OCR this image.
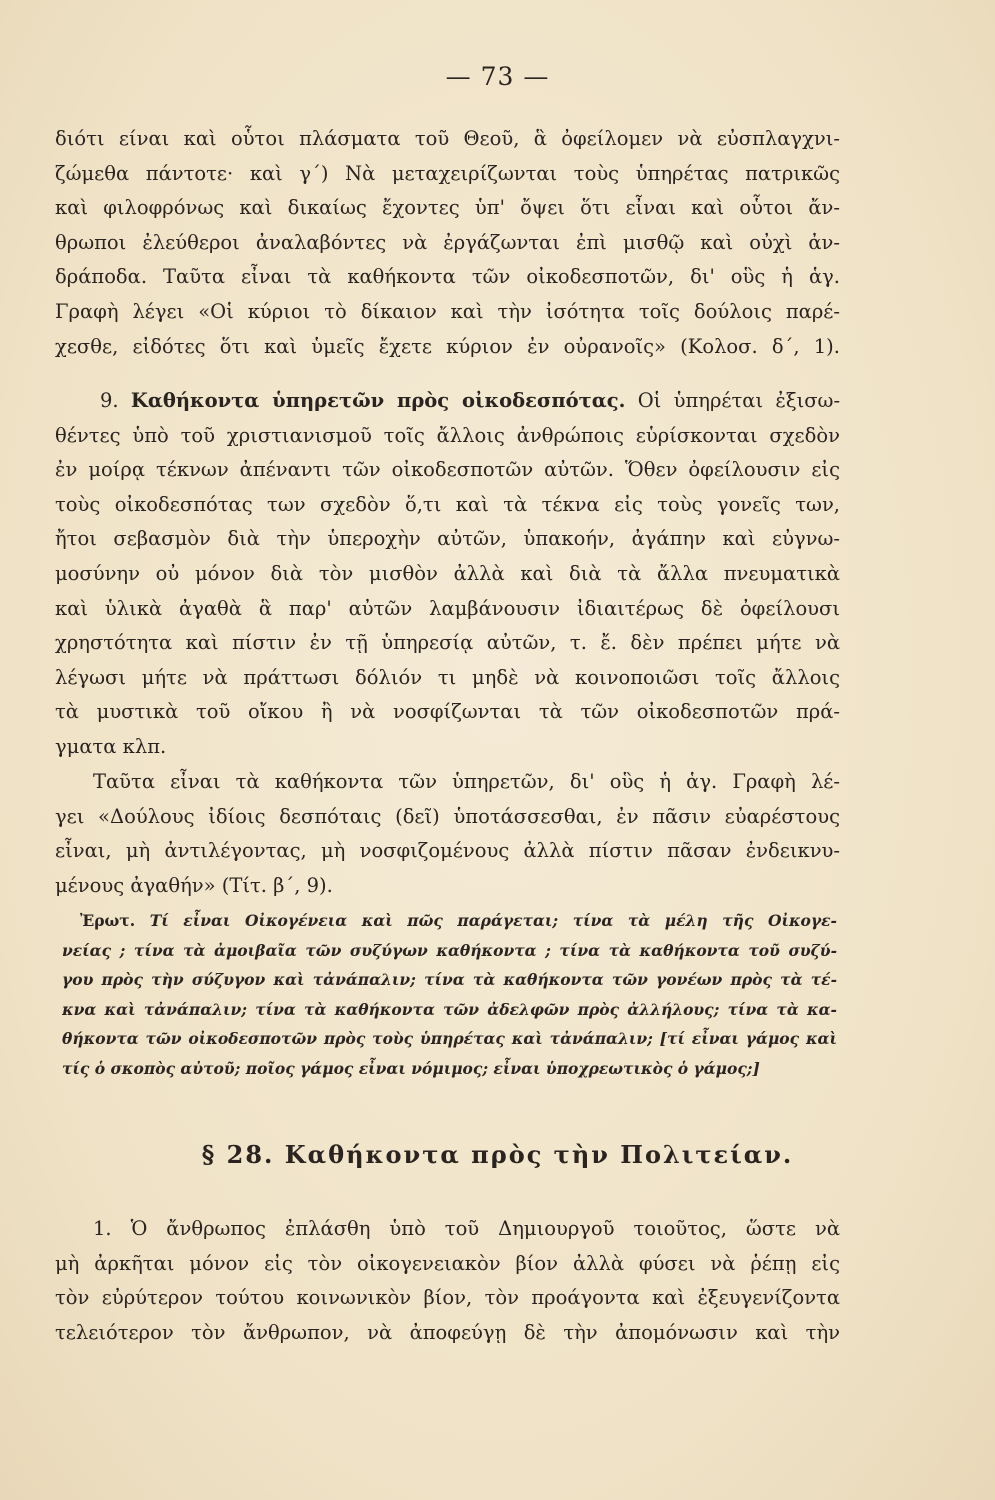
— 73 —
διότι είναι καὶ οὗτοι πλάσματα τοῦ Θεοῦ, ἃ ὀφείλομεν νὰ εὐσπλαγχνι-
ζώμεθα πάντοτε· καὶ γ΄) Νὰ μεταχειρίζωνται τοὺς ὑπηρέτας πατρικῶς
καὶ φιλοφρόνως καὶ δικαίως ἔχοντες ὑπ' ὄψει ὅτι εἶναι καὶ οὗτοι ἄν-
θρωποι ἐλεύθεροι ἀναλαβόντες νὰ ἐργάζωνται ἐπὶ μισθῷ καὶ οὐχὶ ἀν-
δράποδα. Ταῦτα εἶναι τὰ καθήκοντα τῶν οἰκοδεσποτῶν, δι' οὓς ἡ ἁγ.
Γραφὴ λέγει «Οἱ κύριοι τὸ δίκαιον καὶ τὴν ἰσότητα τοῖς δούλοις παρέ-
χεσθε, εἰδότες ὅτι καὶ ὑμεῖς ἔχετε κύριον ἐν οὐρανοῖς» (Κολοσ. δ΄, 1).
9. Καθήκοντα ὑπηρετῶν πρὸς οἰκοδεσπότας. Οἱ ὑπηρέται ἐξισω-
θέντες ὑπὸ τοῦ χριστιανισμοῦ τοῖς ἄλλοις ἀνθρώποις εὑρίσκονται σχεδὸν
ἐν μοίρᾳ τέκνων ἀπέναντι τῶν οἰκοδεσποτῶν αὐτῶν. Ὅθεν ὀφείλουσιν εἰς
τοὺς οἰκοδεσπότας των σχεδὸν ὅ,τι καὶ τὰ τέκνα εἰς τοὺς γονεῖς των,
ἤτοι σεβασμὸν διὰ τὴν ὑπεροχὴν αὐτῶν, ὑπακοήν, ἀγάπην καὶ εὐγνω-
μοσύνην οὐ μόνον διὰ τὸν μισθὸν ἀλλὰ καὶ διὰ τὰ ἄλλα πνευματικὰ
καὶ ὑλικὰ ἀγαθὰ ἃ παρ' αὐτῶν λαμβάνουσιν ἰδιαιτέρως δὲ ὀφείλουσι
χρηστότητα καὶ πίστιν ἐν τῇ ὑπηρεσίᾳ αὐτῶν, τ. ἔ. δὲν πρέπει μήτε νὰ
λέγωσι μήτε νὰ πράττωσι δόλιόν τι μηδὲ νὰ κοινοποιῶσι τοῖς ἄλλοις
τὰ μυστικὰ τοῦ οἴκου ἢ νὰ νοσφίζωνται τὰ τῶν οἰκοδεσποτῶν πρά-
γματα κλπ.
Ταῦτα εἶναι τὰ καθήκοντα τῶν ὑπηρετῶν, δι' οὓς ἡ ἁγ. Γραφὴ λέ-
γει «Δούλους ἰδίοις δεσπόταις (δεῖ) ὑποτάσσεσθαι, ἐν πᾶσιν εὐαρέστους
εἶναι, μὴ ἀντιλέγοντας, μὴ νοσφιζομένους ἀλλὰ πίστιν πᾶσαν ἐνδεικνυ-
μένους ἀγαθήν» (Τίτ. β΄, 9).
Ἐρωτ. Τί εἶναι Οἰκογένεια καὶ πῶς παράγεται; τίνα τὰ μέλη τῆς Οἰκογε-
νείας ; τίνα τὰ ἀμοιβαῖα τῶν συζύγων καθήκοντα ; τίνα τὰ καθήκοντα τοῦ συζύ-
γου πρὸς τὴν σύζυγον καὶ τἀνάπαλιν; τίνα τὰ καθήκοντα τῶν γονέων πρὸς τὰ τέ-
κνα καὶ τἀνάπαλιν; τίνα τὰ καθήκοντα τῶν ἀδελφῶν πρὸς ἀλλήλους; τίνα τὰ κα-
θήκοντα τῶν οἰκοδεσποτῶν πρὸς τοὺς ὑπηρέτας καὶ τἀνάπαλιν; [τί εἶναι γάμος καὶ
τίς ὁ σκοπὸς αὐτοῦ; ποῖος γάμος εἶναι νόμιμος; εἶναι ὑποχρεωτικὸς ὁ γάμος;]
§ 28. Καθήκοντα πρὸς τὴν Πολιτείαν.
1. Ὁ ἄνθρωπος ἐπλάσθη ὑπὸ τοῦ Δημιουργοῦ τοιοῦτος, ὥστε νὰ
μὴ ἀρκῆται μόνον εἰς τὸν οἰκογενειακὸν βίον ἀλλὰ φύσει νὰ ῥέπῃ εἰς
τὸν εὐρύτερον τούτου κοινωνικὸν βίον, τὸν προάγοντα καὶ ἐξευγενίζοντα
τελειότερον τὸν ἄνθρωπον, νὰ ἀποφεύγῃ δὲ τὴν ἀπομόνωσιν καὶ τὴν
